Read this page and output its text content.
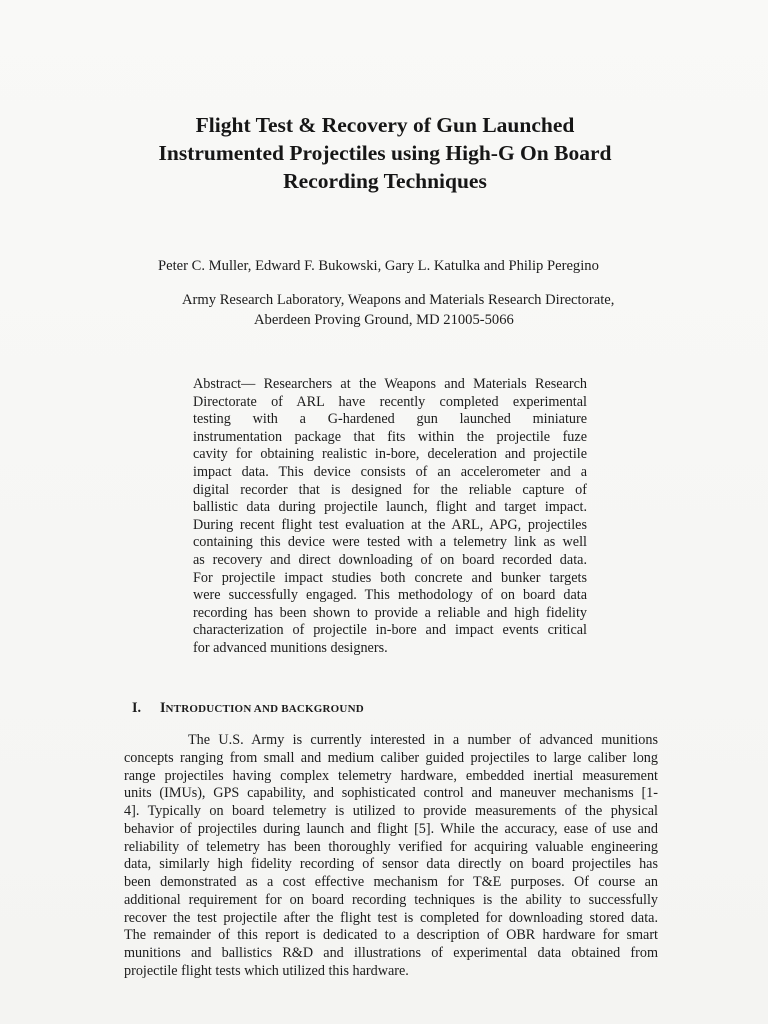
Flight Test & Recovery of Gun Launched
Instrumented Projectiles using High-G On Board
Recording Techniques
Peter C. Muller, Edward F. Bukowski, Gary L. Katulka and Philip Peregino
Army Research Laboratory, Weapons and Materials Research Directorate,
Aberdeen Proving Ground, MD 21005-5066
Abstract— Researchers at the Weapons and Materials Research
Directorate of ARL have recently completed experimental
testing with a G-hardened gun launched miniature
instrumentation package that fits within the projectile fuze
cavity for obtaining realistic in-bore, deceleration and projectile
impact data. This device consists of an accelerometer and a
digital recorder that is designed for the reliable capture of
ballistic data during projectile launch, flight and target impact.
During recent flight test evaluation at the ARL, APG, projectiles
containing this device were tested with a telemetry link as well
as recovery and direct downloading of on board recorded data.
For projectile impact studies both concrete and bunker targets
were successfully engaged. This methodology of on board data
recording has been shown to provide a reliable and high fidelity
characterization of projectile in-bore and impact events critical
for advanced munitions designers.
I. INTRODUCTION AND BACKGROUND
The U.S. Army is currently interested in a number of advanced munitions
concepts ranging from small and medium caliber guided projectiles to large caliber long
range projectiles having complex telemetry hardware, embedded inertial measurement
units (IMUs), GPS capability, and sophisticated control and maneuver mechanisms [1-
4]. Typically on board telemetry is utilized to provide measurements of the physical
behavior of projectiles during launch and flight [5]. While the accuracy, ease of use and
reliability of telemetry has been thoroughly verified for acquiring valuable engineering
data, similarly high fidelity recording of sensor data directly on board projectiles has
been demonstrated as a cost effective mechanism for T&E purposes. Of course an
additional requirement for on board recording techniques is the ability to successfully
recover the test projectile after the flight test is completed for downloading stored data.
The remainder of this report is dedicated to a description of OBR hardware for smart
munitions and ballistics R&D and illustrations of experimental data obtained from
projectile flight tests which utilized this hardware.
